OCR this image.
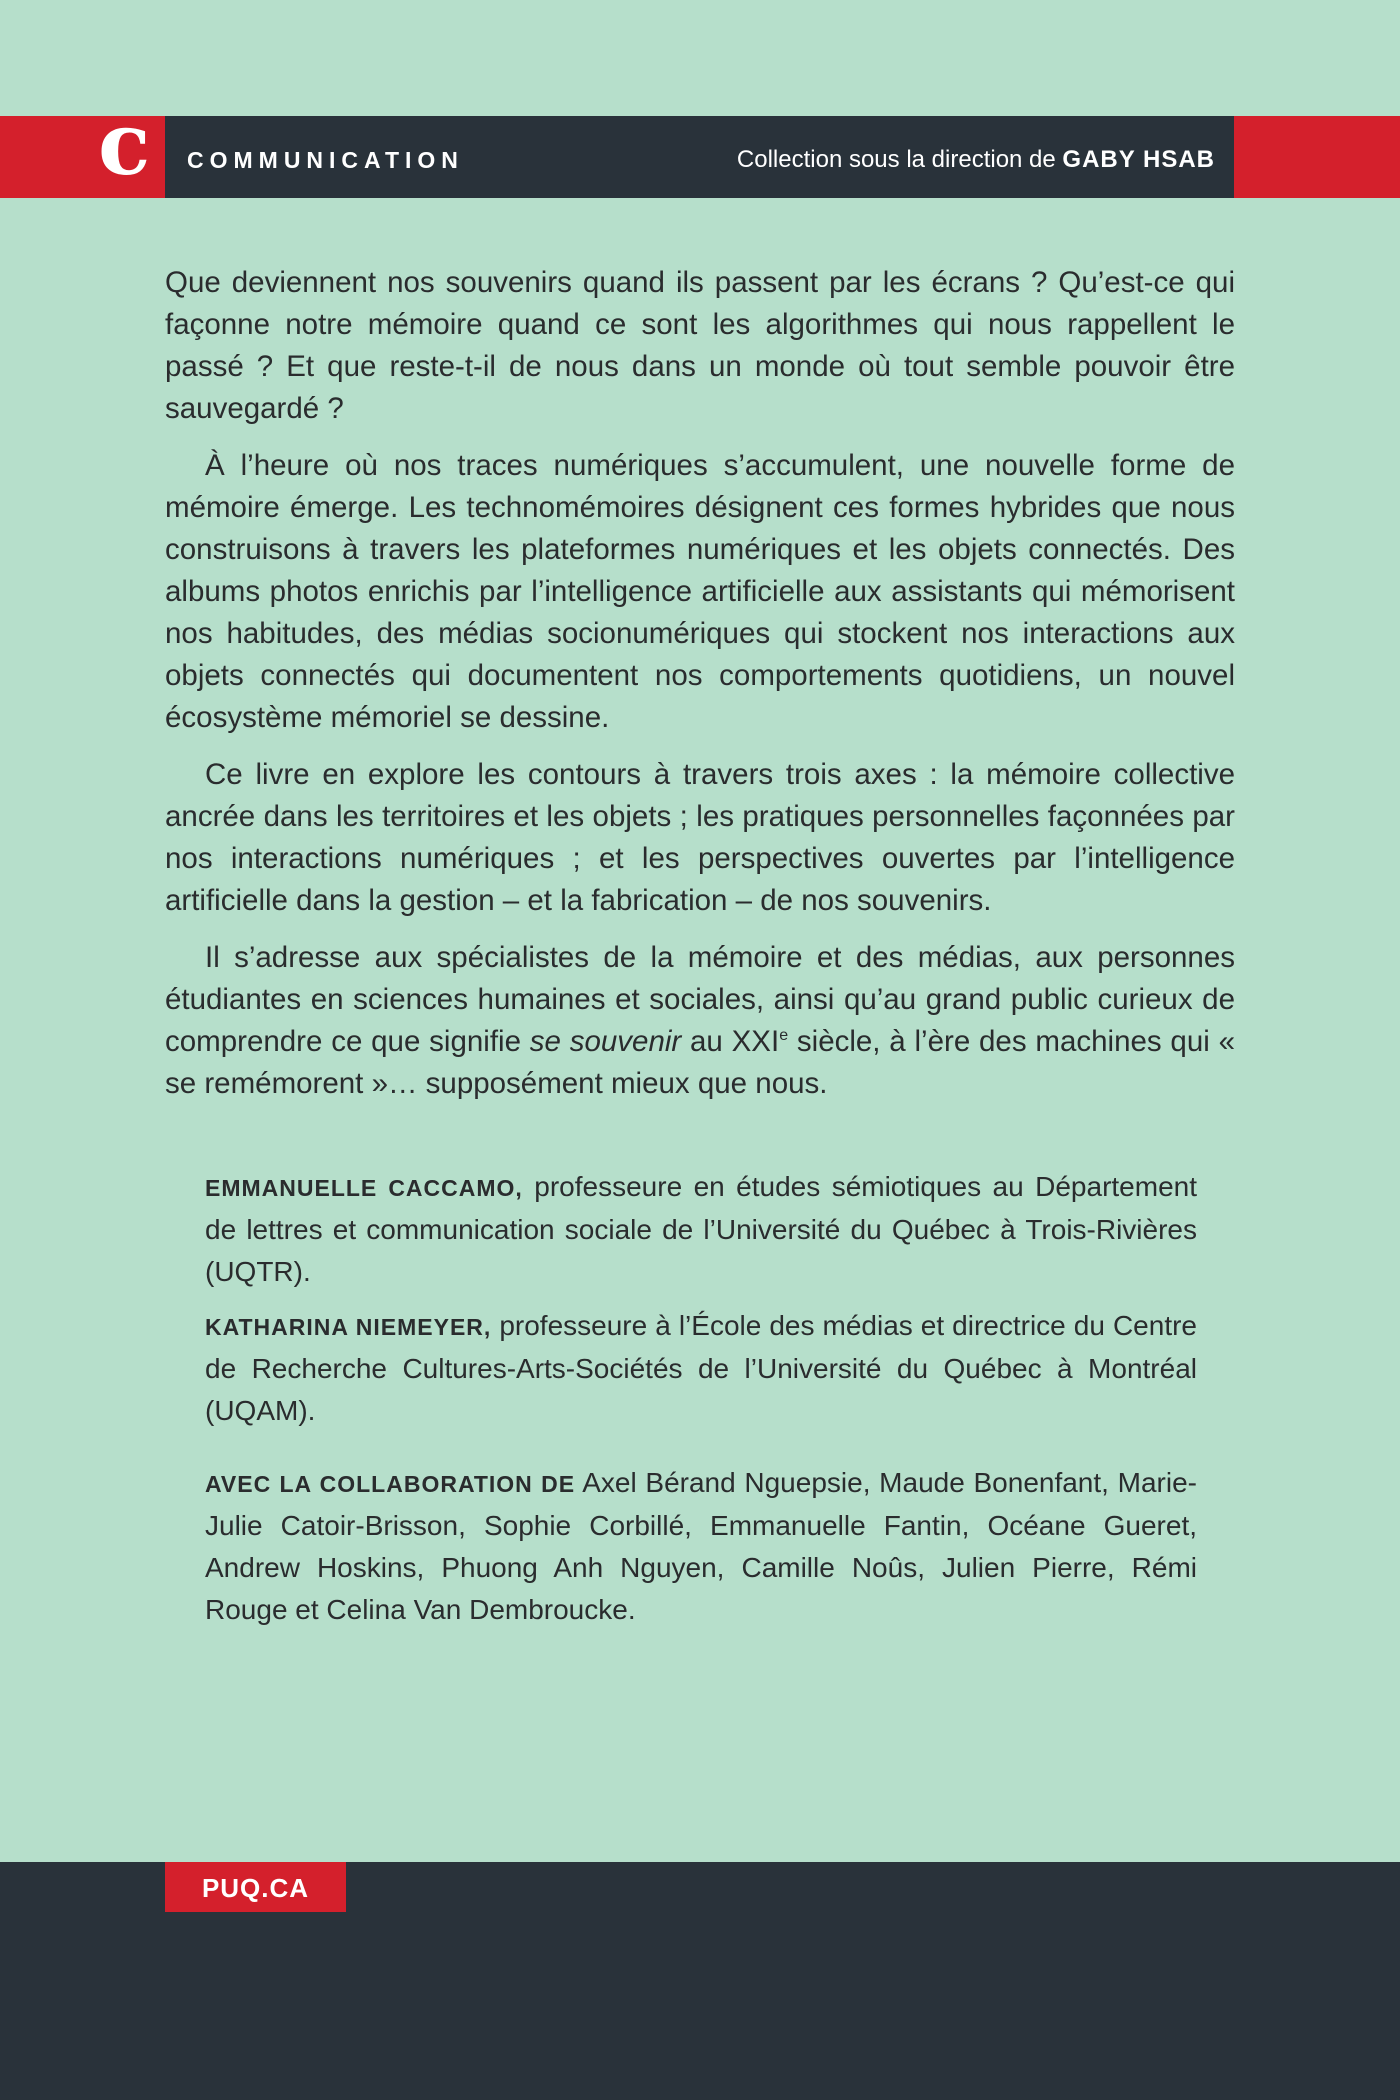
c COMMUNICATION	Collection sous la direction de GABY HSAB

Que deviennent nos souvenirs quand ils passent par les écrans ? Qu’est-ce qui façonne notre mémoire quand ce sont les algorithmes qui nous rappellent le passé ? Et que reste-t-il de nous dans un monde où tout semble pouvoir être sauvegardé ?

À l’heure où nos traces numériques s’accumulent, une nouvelle forme de mémoire émerge. Les technomémoires désignent ces formes hybrides que nous construisons à travers les plateformes numériques et les objets connectés. Des albums photos enrichis par l’intelligence artificielle aux assistants qui mémorisent nos habitudes, des médias socionumériques qui stockent nos interactions aux objets connectés qui documentent nos comportements quotidiens, un nouvel écosystème mémoriel se dessine.

Ce livre en explore les contours à travers trois axes : la mémoire collective ancrée dans les territoires et les objets ; les pratiques personnelles façonnées par nos interactions numériques ; et les perspectives ouvertes par l’intelligence artificielle dans la gestion – et la fabrication – de nos souvenirs.

Il s’adresse aux spécialistes de la mémoire et des médias, aux personnes étudiantes en sciences humaines et sociales, ainsi qu’au grand public curieux de comprendre ce que signifie se souvenir au XXIe siècle, à l’ère des machines qui « se remémorent »… supposément mieux que nous.

EMMANUELLE CACCAMO, professeure en études sémiotiques au Département de lettres et communication sociale de l’Université du Québec à Trois-Rivières (UQTR).

KATHARINA NIEMEYER, professeure à l’École des médias et directrice du Centre de Recherche Cultures-Arts-Sociétés de l’Université du Québec à Montréal (UQAM).

AVEC LA COLLABORATION DE Axel Bérand Nguepsie, Maude Bonenfant, Marie-Julie Catoir-Brisson, Sophie Corbillé, Emmanuelle Fantin, Océane Gueret, Andrew Hoskins, Phuong Anh Nguyen, Camille Noûs, Julien Pierre, Rémi Rouge et Celina Van Dembroucke.

PUQ.CA
